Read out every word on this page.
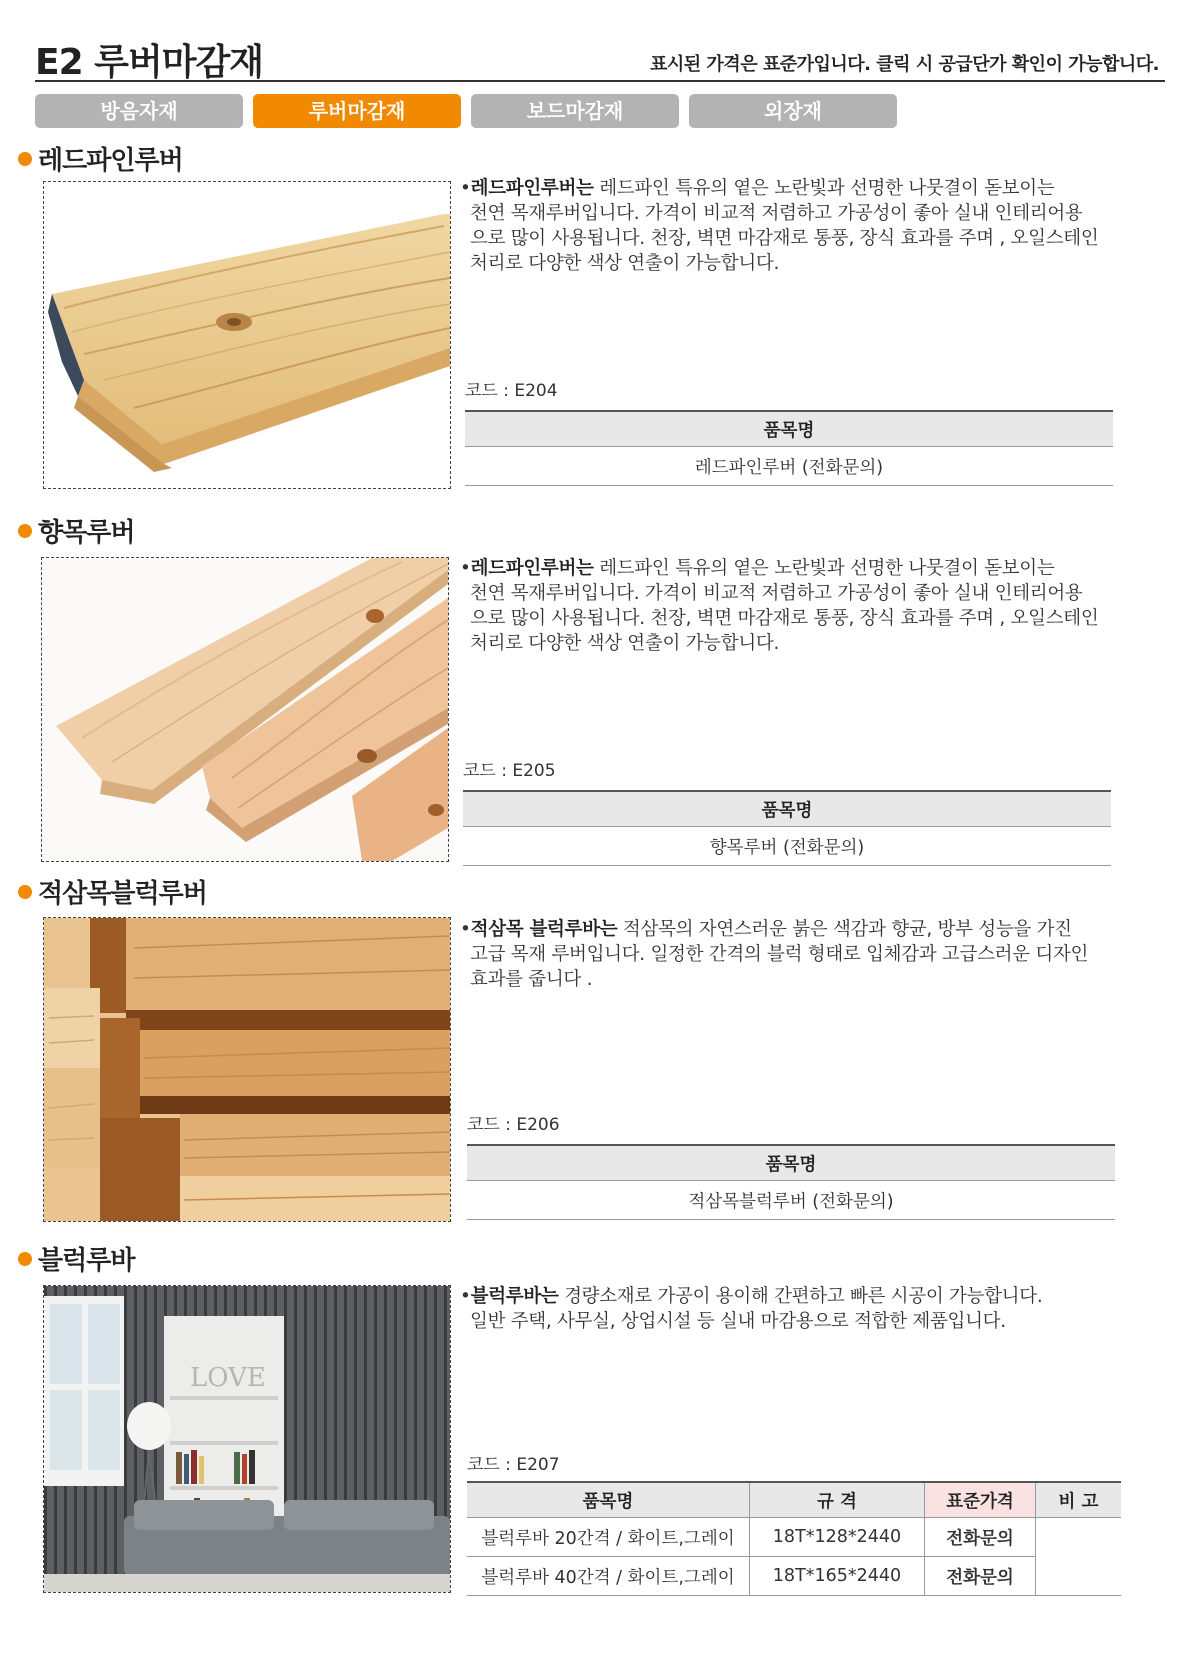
E2 루버마감재	표시된 가격은 표준가입니다. 클릭 시 공급단가 확인이 가능합니다.
방음자재	루버마감재	보드마감재	외장재
레드파인루버
•레드파인루버는 레드파인 특유의 옅은 노란빛과 선명한 나뭇결이 돋보이는
천연 목재루버입니다. 가격이 비교적 저렴하고 가공성이 좋아 실내 인테리어용
으로 많이 사용됩니다. 천장, 벽면 마감재로 통풍, 장식 효과를 주며 , 오일스테인
처리로 다양한 색상 연출이 가능합니다.
코드 : E204
품목명
레드파인루버 (전화문의)
향목루버
•레드파인루버는 레드파인 특유의 옅은 노란빛과 선명한 나뭇결이 돋보이는
천연 목재루버입니다. 가격이 비교적 저렴하고 가공성이 좋아 실내 인테리어용
으로 많이 사용됩니다. 천장, 벽면 마감재로 통풍, 장식 효과를 주며 , 오일스테인
처리로 다양한 색상 연출이 가능합니다.
코드 : E205
품목명
향목루버 (전화문의)
적삼목블럭루버
•적삼목 블럭루바는 적삼목의 자연스러운 붉은 색감과 향균, 방부 성능을 가진
고급 목재 루버입니다. 일정한 간격의 블럭 형태로 입체감과 고급스러운 디자인
효과를 줍니다 .
코드 : E206
품목명
적삼목블럭루버 (전화문의)
블럭루바
LOVE
•블럭루바는 경량소재로 가공이 용이해 간편하고 빠른 시공이 가능합니다.
일반 주택, 사무실, 상업시설 등 실내 마감용으로 적합한 제품입니다.
코드 : E207
품목명	규 격	표준가격	비 고
블럭루바 20간격 / 화이트,그레이	18T*128*2440	전화문의	
블럭루바 40간격 / 화이트,그레이	18T*165*2440	전화문의	
